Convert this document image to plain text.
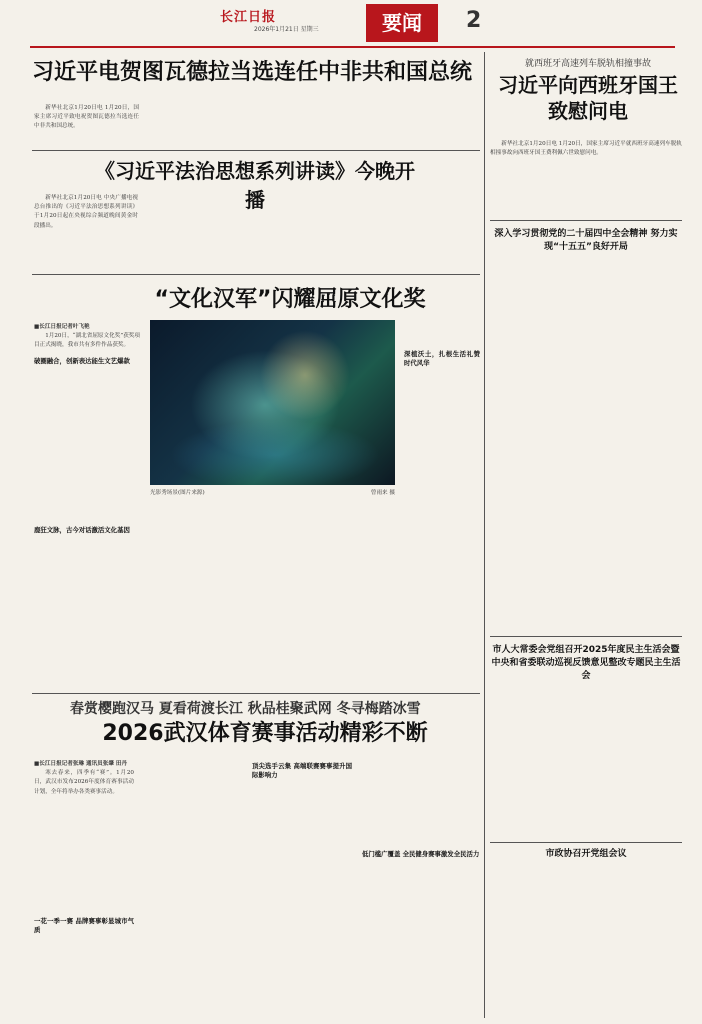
长江日报
2026年1月21日 星期三	要闻	2
习近平电贺图瓦德拉当选连任中非共和国总统

新华社北京1月20日电 1月20日，国家主席习近平致电祝贺图瓦德拉当选连任中非共和国总统。

《习近平法治思想系列讲读》今晚开播

新华社北京1月20日电 中央广播电视总台推出的《习近平法治思想系列讲读》于1月20日起在央视综合频道晚间黄金时段播出。

“文化汉军”闪耀屈原文化奖

■长江日报记者叶飞艳

1月20日，“湖北省屈原文化奖”获奖项目正式揭晓，我市共有多件作品获奖。

破圈融合，创新表达能生文艺爆款
鹿狂文脉，古今对话激活文化基因
光影秀场景(图片来源)	曾雨来 摄
深植沃土，扎根生活礼赞时代风华
春赏樱跑汉马 夏看荷渡长江 秋品桂聚武网 冬寻梅踏冰雪
2026武汉体育赛事活动精彩不断

■长江日报记者张琳 通讯员张肇 田丹

寒去春来，四季有“赛”。1月20日，武汉市发布2026年度体育赛事活动计划，全年将举办各类赛事活动。

一花一季一赛 品牌赛事彰显城市气质
顶尖选手云集 高端联赛赛事提升国际影响力
低门槛广覆盖 全民健身赛事激发全民活力
就西班牙高速列车脱轨相撞事故
习近平向西班牙国王致慰问电

新华社北京1月20日电 1月20日，国家主席习近平就西班牙高速列车脱轨相撞事故向西班牙国王费利佩六世致慰问电。

深入学习贯彻党的二十届四中全会精神 努力实现“十五五”良好开局
市人大常委会党组召开2025年度民主生活会暨中央和省委联动巡视反馈意见整改专题民主生活会
市政协召开党组会议
